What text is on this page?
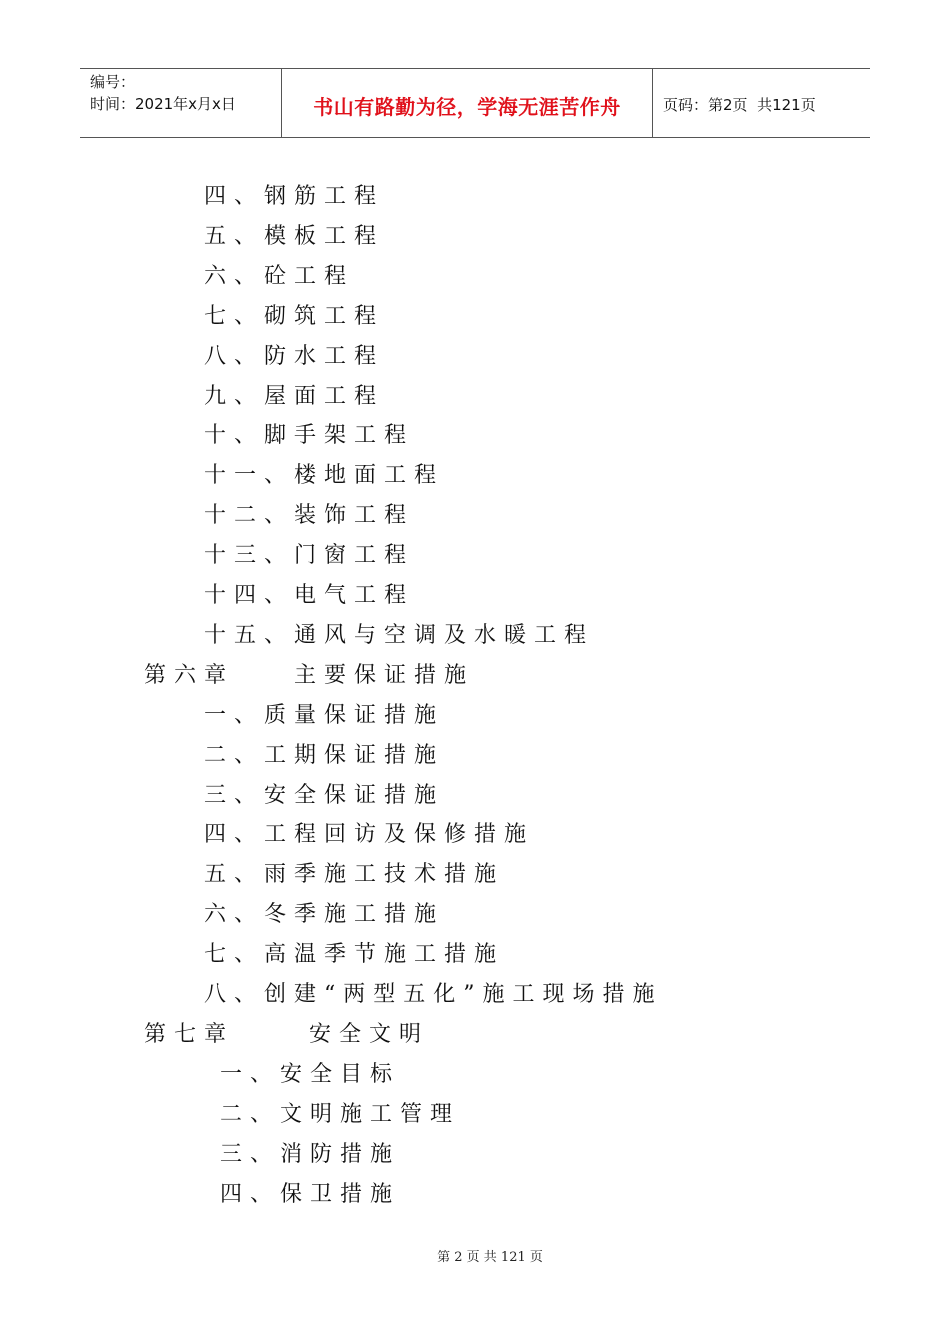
编号：
时间：2021年x月x日	书山有路勤为径，学海无涯苦作舟	页码：第2页  共121页
四、钢筋工程
五、模板工程
六、砼工程
七、砌筑工程
八、防水工程
九、屋面工程
十、脚手架工程
十一、楼地面工程
十二、装饰工程
十三、门窗工程
十四、电气工程
十五、通风与空调及水暖工程
第六章    主要保证措施
一、质量保证措施
二、工期保证措施
三、安全保证措施
四、工程回访及保修措施
五、雨季施工技术措施
六、冬季施工措施
七、高温季节施工措施
八、创建“两型五化”施工现场措施
第七章     安全文明
一、安全目标
二、文明施工管理
三、消防措施
四、保卫措施
第 2 页 共 121 页
